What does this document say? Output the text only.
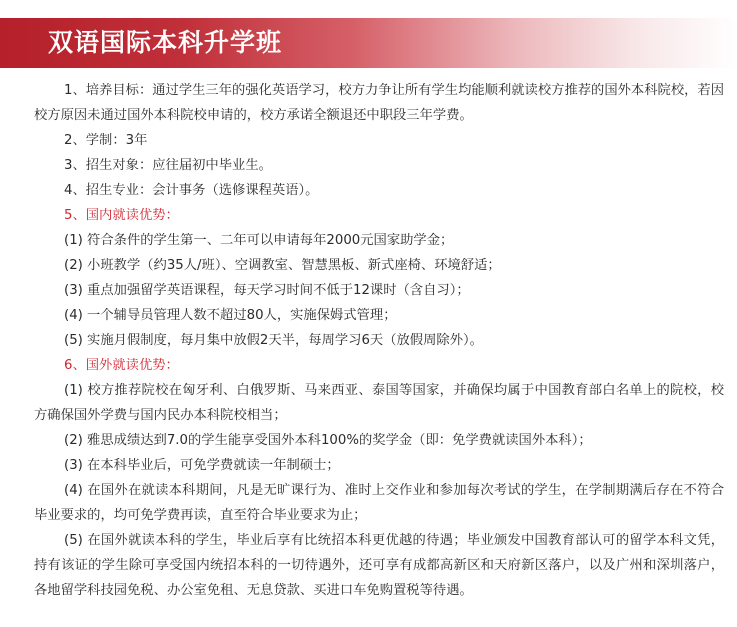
双语国际本科升学班

1、培养目标：通过学生三年的强化英语学习，校方力争让所有学生均能顺利就读校方推荐的国外本科院校，若因校方原因未通过国外本科院校申请的，校方承诺全额退还中职段三年学费。

2、学制：3年

3、招生对象：应往届初中毕业生。

4、招生专业：会计事务（选修课程英语）。

5、国内就读优势：

(1) 符合条件的学生第一、二年可以申请每年2000元国家助学金；

(2) 小班教学（约35人/班）、空调教室、智慧黑板、新式座椅、环境舒适；

(3) 重点加强留学英语课程，每天学习时间不低于12课时（含自习）；

(4) 一个辅导员管理人数不超过80人，实施保姆式管理；

(5) 实施月假制度，每月集中放假2天半，每周学习6天（放假周除外）。

6、国外就读优势：

(1) 校方推荐院校在匈牙利、白俄罗斯、马来西亚、泰国等国家，并确保均属于中国教育部白名单上的院校，校方确保国外学费与国内民办本科院校相当；

(2) 雅思成绩达到7.0的学生能享受国外本科100%的奖学金（即：免学费就读国外本科）；

(3) 在本科毕业后，可免学费就读一年制硕士；

(4) 在国外在就读本科期间，凡是无旷课行为、准时上交作业和参加每次考试的学生，在学制期满后存在不符合毕业要求的，均可免学费再读，直至符合毕业要求为止；

(5) 在国外就读本科的学生，毕业后享有比统招本科更优越的待遇；毕业颁发中国教育部认可的留学本科文凭，持有该证的学生除可享受国内统招本科的一切待遇外，还可享有成都高新区和天府新区落户，以及广州和深圳落户，各地留学科技园免税、办公室免租、无息贷款、买进口车免购置税等待遇。
